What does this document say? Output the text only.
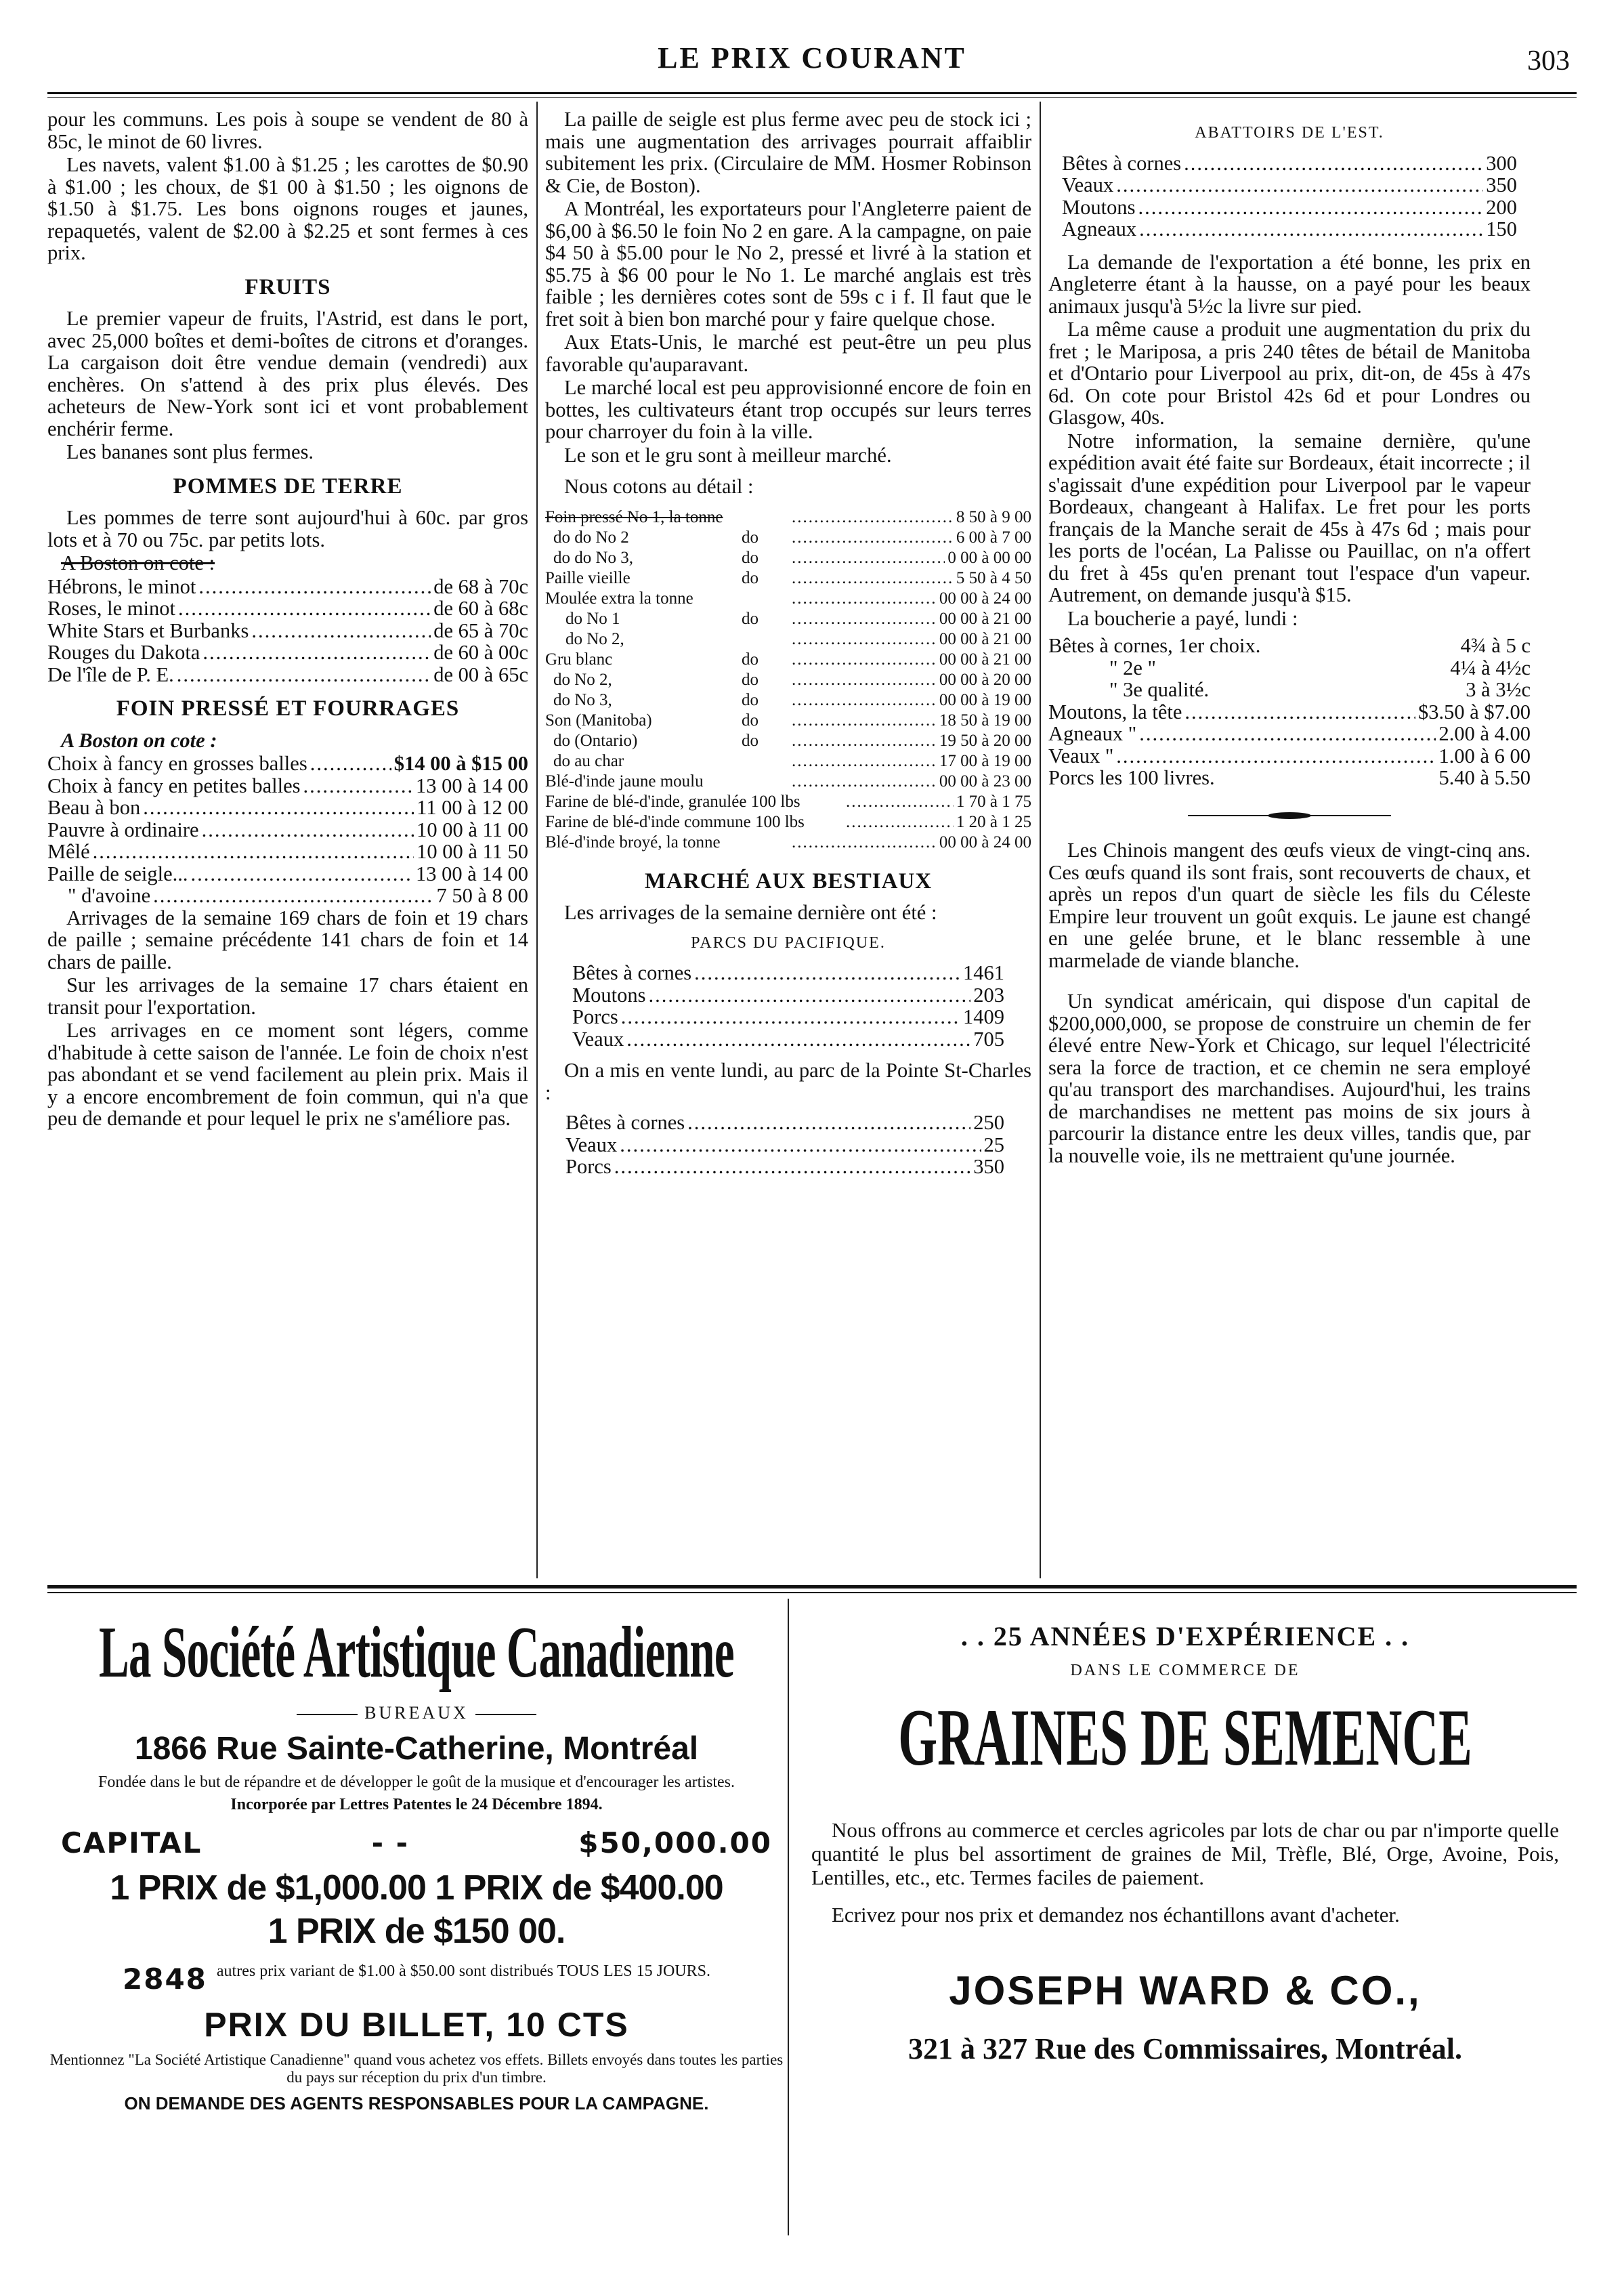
LE PRIX COURANT	303

pour les communs. Les pois à soupe se vendent de 80 à 85c, le minot de 60 livres.

Les navets, valent $1.00 à $1.25 ; les carottes de $0.90 à $1.00 ; les choux, de $1 00 à $1.50 ; les oignons de $1.50 à $1.75. Les bons oignons rouges et jaunes, repaquetés, valent de $2.00 à $2.25 et sont fermes à ces prix.

FRUITS

Le premier vapeur de fruits, l'Astrid, est dans le port, avec 25,000 boîtes et demi-boîtes de citrons et d'oranges. La cargaison doit être vendue demain (vendredi) aux enchères. On s'attend à des prix plus élevés. Des acheteurs de New-York sont ici et vont probablement enchérir ferme.

Les bananes sont plus fermes.

POMMES DE TERRE

Les pommes de terre sont aujourd'hui à 60c. par gros lots et à 70 ou 75c. par petits lots.

A Boston on cote :

Hébrons, le minot .....	de 68 à 70c
Roses, le minot .....	de 60 à 68c
White Stars et Burbanks .....	de 65 à 70c
Rouges du Dakota .....	de 60 à 00c
De l'île de P. E. .....	de 00 à 65c
FOIN PRESSÉ ET FOURRAGES

A Boston on cote :

Choix à fancy en grosses balles .....	$14 00 à $15 00
Choix à fancy en petites balles .....	13 00 à 14 00
Beau à bon .....	11 00 à 12 00
Pauvre à ordinaire .....	10 00 à 11 00
Mêlé .....	10 00 à 11 50
Paille de seigle... .....	13 00 à 14 00
" d'avoine .....	7 50 à 8 00

Arrivages de la semaine 169 chars de foin et 19 chars de paille ; semaine précédente 141 chars de foin et 14 chars de paille.

Sur les arrivages de la semaine 17 chars étaient en transit pour l'exportation.

Les arrivages en ce moment sont légers, comme d'habitude à cette saison de l'année. Le foin de choix n'est pas abondant et se vend facilement au plein prix. Mais il y a encore encombrement de foin commun, qui n'a que peu de demande et pour lequel le prix ne s'améliore pas.

La paille de seigle est plus ferme avec peu de stock ici ; mais une augmentation des arrivages pourrait affaiblir subitement les prix. (Circulaire de MM. Hosmer Robinson & Cie, de Boston).

A Montréal, les exportateurs pour l'Angleterre paient de $6,00 à $6.50 le foin No 2 en gare. A la campagne, on paie $4 50 à $5.00 pour le No 2, pressé et livré à la station et $5.75 à $6 00 pour le No 1. Le marché anglais est très faible ; les dernières cotes sont de 59s c i f. Il faut que le fret soit à bien bon marché pour y faire quelque chose.

Aux Etats-Unis, le marché est peut-être un peu plus favorable qu'auparavant.

Le marché local est peu approvisionné encore de foin en bottes, les cultivateurs étant trop occupés sur leurs terres pour charroyer du foin à la ville.

Le son et le gru sont à meilleur marché.

Nous cotons au détail :

Foin pressé No 1, la tonne .....	8 50 à 9 00
do do No 2	do .....	6 00 à 7 00
do do No 3,	do .....	0 00 à 00 00
Paille vieille	do .....	5 50 à 4 50
Moulée extra la tonne .....	00 00 à 24 00
do No 1	do .....	00 00 à 21 00
do No 2, .....	00 00 à 21 00
Gru blanc	do .....	00 00 à 21 00
do No 2,	do .....	00 00 à 20 00
do No 3,	do .....	00 00 à 19 00
Son (Manitoba)	do .....	18 50 à 19 00
do (Ontario)	do .....	19 50 à 20 00
do au char .....	17 00 à 19 00
Blé-d'inde jaune moulu .....	00 00 à 23 00
Farine de blé-d'inde, granulée 100 lbs .....	1 70 à 1 75
Farine de blé-d'inde commune 100 lbs .....	1 20 à 1 25
Blé-d'inde broyé, la tonne .....	00 00 à 24 00
MARCHÉ AUX BESTIAUX

Les arrivages de la semaine dernière ont été :

PARCS DU PACIFIQUE.
Bêtes à cornes .....	1461
Moutons .....	203
Porcs .....	1409
Veaux .....	705

On a mis en vente lundi, au parc de la Pointe St-Charles :

Bêtes à cornes .....	250
Veaux .....	25
Porcs .....	350
ABATTOIRS DE L'EST.
Bêtes à cornes .....	300
Veaux .....	350
Moutons .....	200
Agneaux .....	150

La demande de l'exportation a été bonne, les prix en Angleterre étant à la hausse, on a payé pour les beaux animaux jusqu'à 5½c la livre sur pied.

La même cause a produit une augmentation du prix du fret ; le Mariposa, a pris 240 têtes de bétail de Manitoba et d'Ontario pour Liverpool au prix, dit-on, de 45s à 47s 6d. On cote pour Bristol 42s 6d et pour Londres ou Glasgow, 40s.

Notre information, la semaine dernière, qu'une expédition avait été faite sur Bordeaux, était incorrecte ; il s'agissait d'une expédition pour Liverpool par le vapeur Bordeaux, changeant à Halifax. Le fret pour les ports français de la Manche serait de 45s à 47s 6d ; mais pour les ports de l'océan, La Palisse ou Pauillac, on n'a offert du fret à 45s qu'en prenant tout l'espace d'un vapeur. Autrement, on demande jusqu'à $15.

La boucherie a payé, lundi :

Bêtes à cornes, 1er choix.	4¾ à 5 c
" 2e "	4¼ à 4½c
" 3e qualité.	3 à 3½c
Moutons, la tête .....	$3.50 à $7.00
Agneaux " .....	2.00 à 4.00
Veaux " .....	1.00 à 6 00
Porcs les 100 livres.	5.40 à 5.50

Les Chinois mangent des œufs vieux de vingt-cinq ans. Ces œufs quand ils sont frais, sont recouverts de chaux, et après un repos d'un quart de siècle les fils du Céleste Empire leur trouvent un goût exquis. Le jaune est changé en une gelée brune, et le blanc ressemble à une marmelade de viande blanche.

Un syndicat américain, qui dispose d'un capital de $200,000,000, se propose de construire un chemin de fer élevé entre New-York et Chicago, sur lequel l'électricité sera la force de traction, et ce chemin ne sera employé qu'au transport des marchandises. Aujourd'hui, les trains de marchandises ne mettent pas moins de six jours à parcourir la distance entre les deux villes, tandis que, par la nouvelle voie, ils ne mettraient qu'une journée.

La Société Artistique Canadienne
BUREAUX
1866 Rue Sainte-Catherine, Montréal
Fondée dans le but de répandre et de développer le goût de la musique et d'encourager les artistes.
Incorporée par Lettres Patentes le 24 Décembre 1894.
CAPITAL	- -	$50,000.00
1 PRIX de $1,000.00 1 PRIX de $400.00
1 PRIX de $150 00.
2848 autres prix variant de $1.00 à $50.00 sont distribués TOUS LES 15 JOURS.
PRIX DU BILLET, 10 CTS
Mentionnez "La Société Artistique Canadienne" quand vous achetez vos effets. Billets envoyés dans toutes les parties du pays sur réception du prix d'un timbre.
ON DEMANDE DES AGENTS RESPONSABLES POUR LA CAMPAGNE.
. . 25 ANNÉES D'EXPÉRIENCE . .
DANS LE COMMERCE DE
GRAINES DE SEMENCE
Nous offrons au commerce et cercles agricoles par lots de char ou par n'importe quelle quantité le plus bel assortiment de graines de Mil, Trèfle, Blé, Orge, Avoine, Pois, Lentilles, etc., etc. Termes faciles de paiement.
Ecrivez pour nos prix et demandez nos échantillons avant d'acheter.
JOSEPH WARD & CO.,
321 à 327 Rue des Commissaires, Montréal.
